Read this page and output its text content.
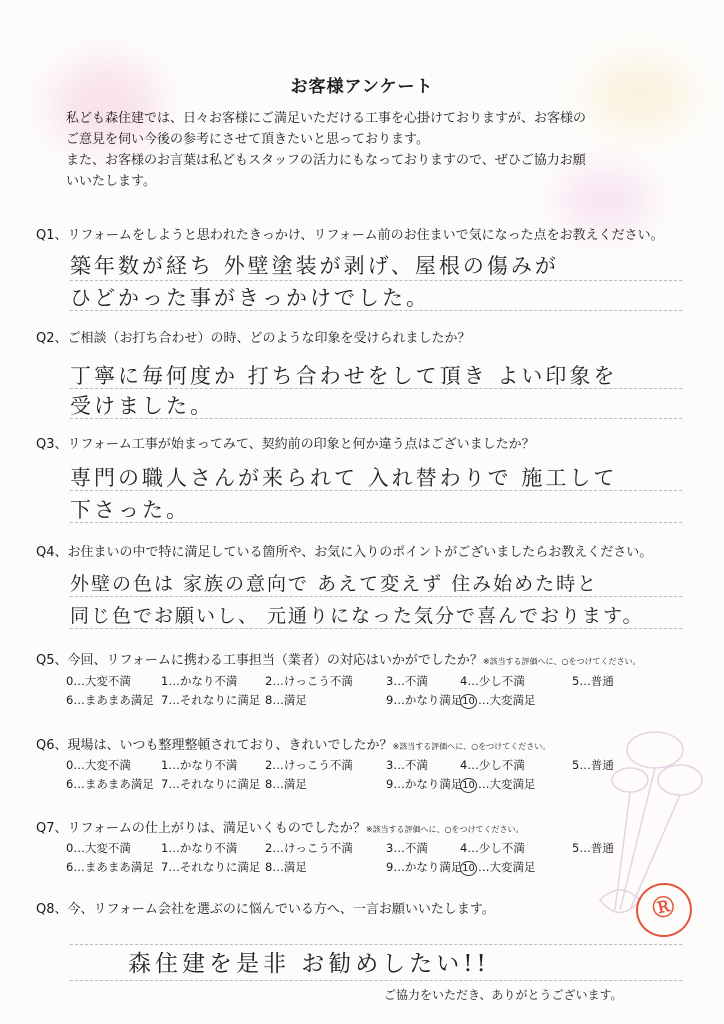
お客様アンケート

私ども森住建では、日々お客様にご満足いただける工事を心掛けておりますが、お客様の

ご意見を伺い今後の参考にさせて頂きたいと思っております。

また、お客様のお言葉は私どもスタッフの活力にもなっておりますので、ぜひご協力お願

いいたします。

Q1、リフォームをしようと思われたきっかけ、リフォーム前のお住まいで気になった点をお教えください。
築年数が経ち 外壁塗装が剥げ、屋根の傷みが
ひどかった事がきっかけでした。
Q2、ご相談（お打ち合わせ）の時、どのような印象を受けられましたか？
丁寧に毎何度か 打ち合わせをして頂き よい印象を
受けました。
Q3、リフォーム工事が始まってみて、契約前の印象と何か違う点はございましたか？
専門の職人さんが来られて 入れ替わりで 施工して
下さった。
Q4、お住まいの中で特に満足している箇所や、お気に入りのポイントがございましたらお教えください。
外壁の色は 家族の意向で あえて変えず 住み始めた時と
同じ色でお願いし、 元通りになった気分で喜んでおります。
Q5、今回、リフォームに携わる工事担当（業者）の対応はいかがでしたか？※該当する評価へに、○をつけてください。
0…大変不満	1…かなり不満	2…けっこう不満	3…不満	4…少し不満	5…普通
6…まあまあ満足 7…それなりに満足 8…満足	9…かなり満足 10 …大変満足
Q6、現場は、いつも整理整頓されており、きれいでしたか？※該当する評価へに、○をつけてください。
0…大変不満	1…かなり不満	2…けっこう不満	3…不満	4…少し不満	5…普通
6…まあまあ満足 7…それなりに満足 8…満足	9…かなり満足 10 …大変満足
Q7、リフォームの仕上がりは、満足いくものでしたか？※該当する評価へに、○をつけてください。
0…大変不満	1…かなり不満	2…けっこう不満	3…不満	4…少し不満	5…普通
6…まあまあ満足 7…それなりに満足 8…満足	9…かなり満足 10 …大変満足
Q8、今、リフォーム会社を選ぶのに悩んでいる方へ、一言お願いいたします。
森住建を是非 お勧めしたい!!
ご協力をいただき、ありがとうございます。
Ⓡ
